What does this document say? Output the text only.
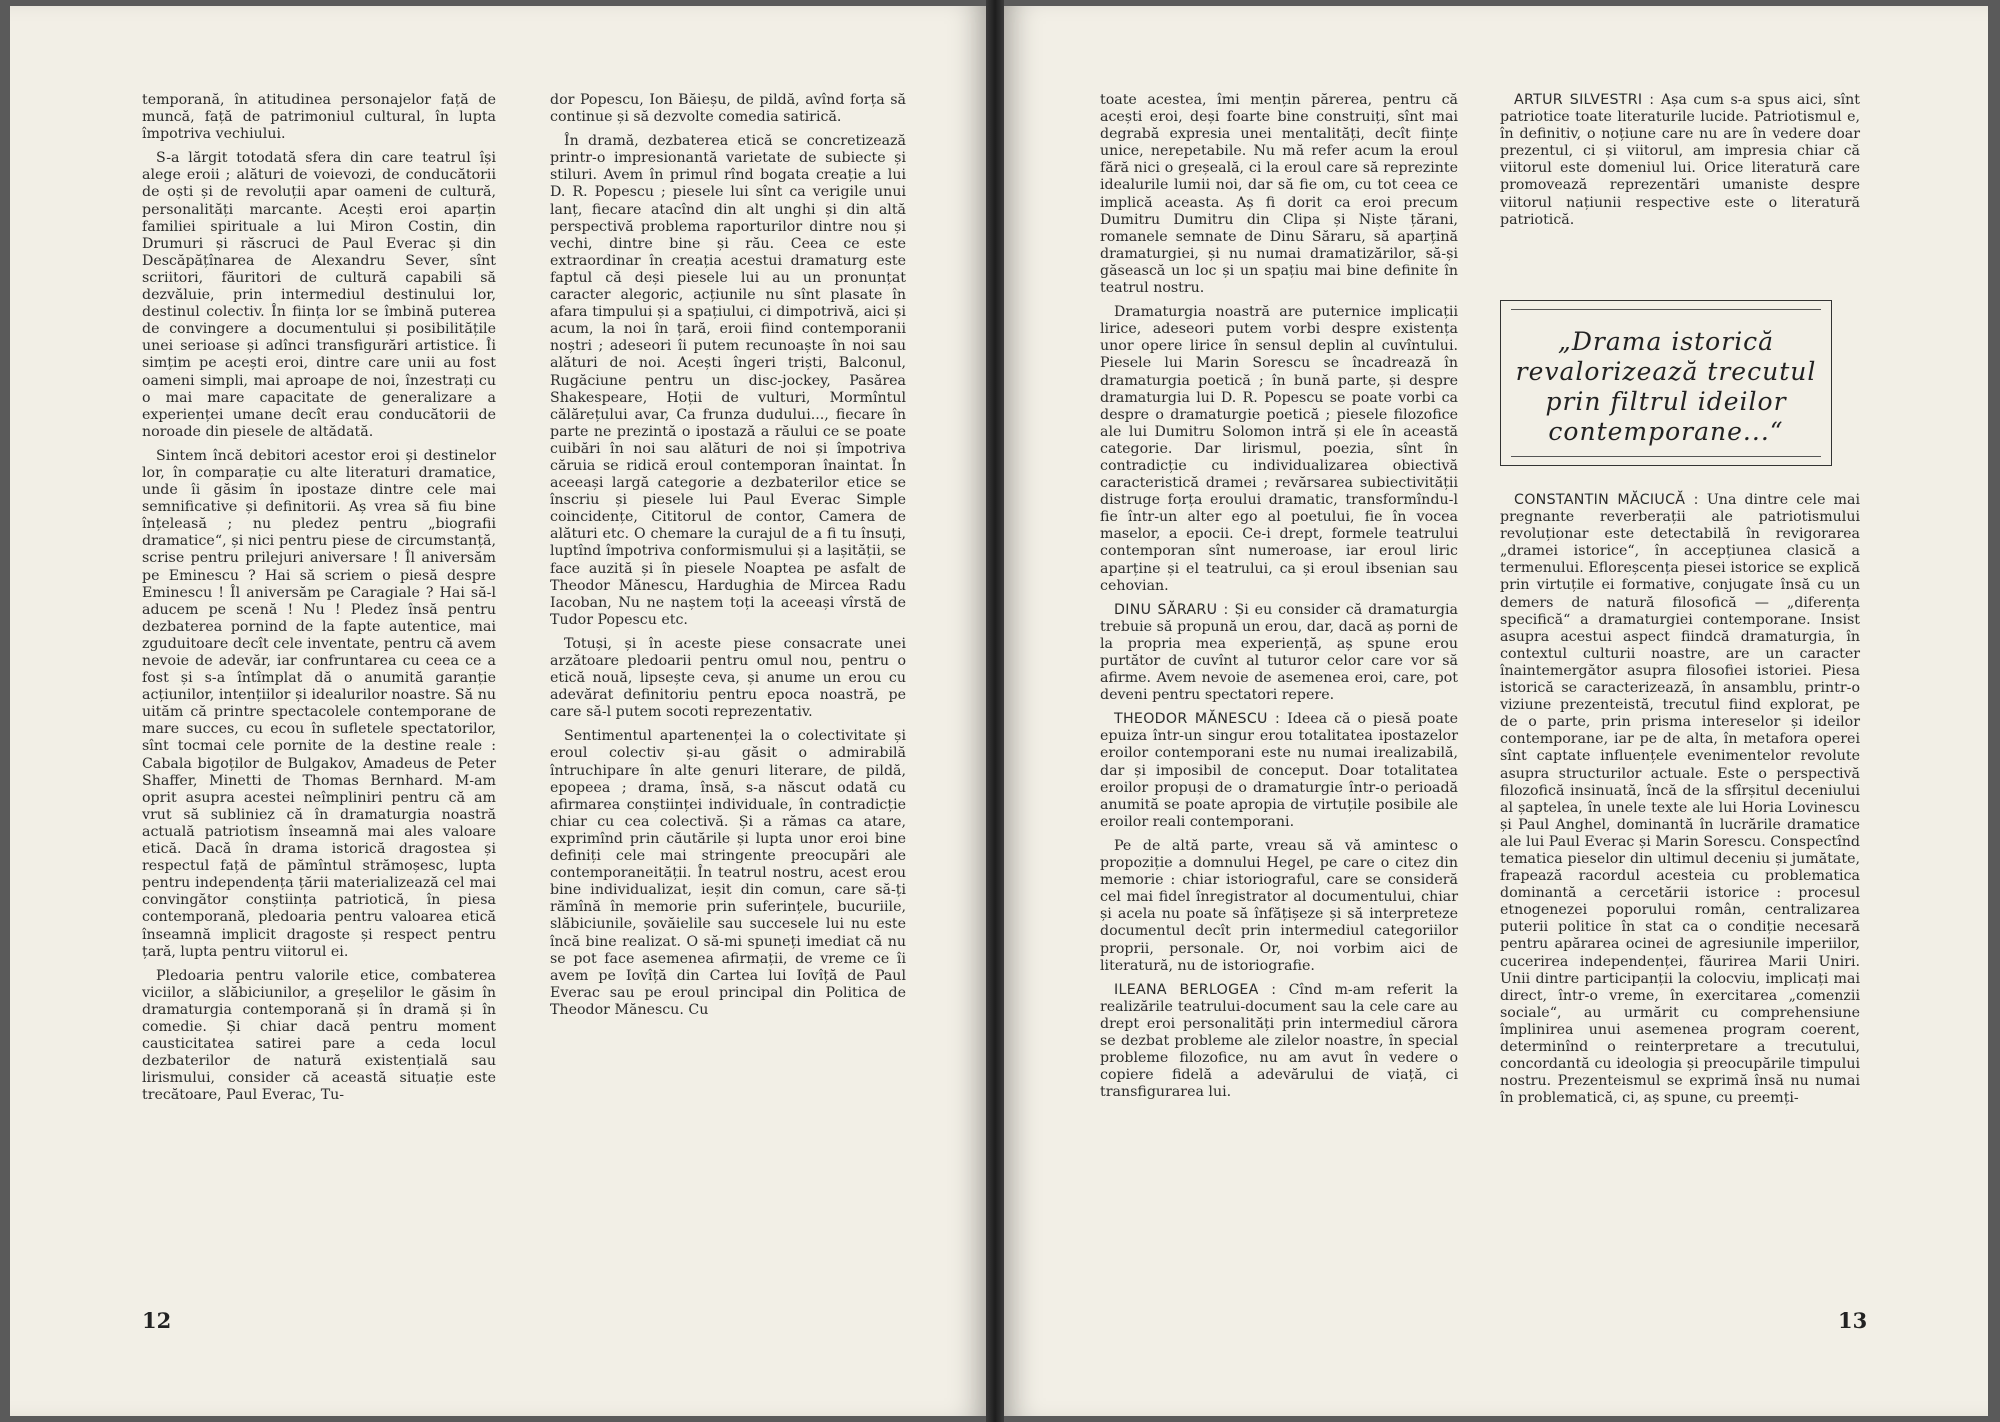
temporană, în atitudinea personajelor față de muncă, față de patrimoniul cultural, în lupta împotriva vechiului.

S-a lărgit totodată sfera din care teatrul își alege eroii ; alături de voievozi, de conducătorii de oști și de revoluții apar oameni de cultură, personalități marcante. Acești eroi aparțin familiei spirituale a lui Miron Costin, din Drumuri și răscruci de Paul Everac și din Descăpățînarea de Alexandru Sever, sînt scriitori, făuritori de cultură capabili să dezvăluie, prin intermediul destinului lor, destinul colectiv. În ființa lor se îmbină puterea de convingere a documentului și posibilitățile unei serioase și adînci transfigurări artistice. Îi simțim pe acești eroi, dintre care unii au fost oameni simpli, mai aproape de noi, înzestrați cu o mai mare capacitate de generalizare a experienței umane decît erau conducătorii de noroade din piesele de altădată.

Sintem încă debitori acestor eroi și destinelor lor, în comparație cu alte literaturi dramatice, unde îi găsim în ipostaze dintre cele mai semnificative și definitorii. Aș vrea să fiu bine înțeleasă ; nu pledez pentru „biografii dramatice“, și nici pentru piese de circumstanță, scrise pentru prilejuri aniversare ! Îl aniversăm pe Eminescu ? Hai să scriem o piesă despre Eminescu ! Îl aniversăm pe Caragiale ? Hai să-l aducem pe scenă ! Nu ! Pledez însă pentru dezbaterea pornind de la fapte autentice, mai zguduitoare decît cele inventate, pentru că avem nevoie de adevăr, iar confruntarea cu ceea ce a fost și s-a întîmplat dă o anumită garanție acțiunilor, intențiilor și idealurilor noastre. Să nu uităm că printre spectacolele contemporane de mare succes, cu ecou în sufletele spectatorilor, sînt tocmai cele pornite de la destine reale : Cabala bigoților de Bulgakov, Amadeus de Peter Shaffer, Minetti de Thomas Bernhard. M-am oprit asupra acestei neîmpliniri pentru că am vrut să subliniez că în dramaturgia noastră actuală patriotism înseamnă mai ales valoare etică. Dacă în drama istorică dragostea și respectul față de pămîntul strămoșesc, lupta pentru independența țării materializează cel mai convingător conștiința patriotică, în piesa contemporană, pledoaria pentru valoarea etică înseamnă implicit dragoste și respect pentru țară, lupta pentru viitorul ei.

Pledoaria pentru valorile etice, combaterea viciilor, a slăbiciunilor, a greșelilor le găsim în dramaturgia contemporană și în dramă și în comedie. Și chiar dacă pentru moment causticitatea satirei pare a ceda locul dezbaterilor de natură existențială sau lirismului, consider că această situație este trecătoare, Paul Everac, Tu-

dor Popescu, Ion Băieșu, de pildă, avînd forța să continue și să dezvolte comedia satirică.

În dramă, dezbaterea etică se concretizează printr-o impresionantă varietate de subiecte și stiluri. Avem în primul rînd bogata creație a lui D. R. Popescu ; piesele lui sînt ca verigile unui lanț, fiecare atacînd din alt unghi și din altă perspectivă problema raporturilor dintre nou și vechi, dintre bine și rău. Ceea ce este extraordinar în creația acestui dramaturg este faptul că deși piesele lui au un pronunțat caracter alegoric, acțiunile nu sînt plasate în afara timpului și a spațiului, ci dimpotrivă, aici și acum, la noi în țară, eroii fiind contemporanii noștri ; adeseori îi putem recunoaște în noi sau alături de noi. Acești îngeri triști, Balconul, Rugăciune pentru un disc-jockey, Pasărea Shakespeare, Hoții de vulturi, Mormîntul călărețului avar, Ca frunza dudului..., fiecare în parte ne prezintă o ipostază a răului ce se poate cuibări în noi sau alături de noi și împotriva căruia se ridică eroul contemporan înaintat. În aceeași largă categorie a dezbaterilor etice se înscriu și piesele lui Paul Everac Simple coincidențe, Cititorul de contor, Camera de alături etc. O chemare la curajul de a fi tu însuți, luptînd împotriva conformismului și a lașității, se face auzită și în piesele Noaptea pe asfalt de Theodor Mănescu, Hardughia de Mircea Radu Iacoban, Nu ne naștem toți la aceeași vîrstă de Tudor Popescu etc.

Totuși, și în aceste piese consacrate unei arzătoare pledoarii pentru omul nou, pentru o etică nouă, lipsește ceva, și anume un erou cu adevărat definitoriu pentru epoca noastră, pe care să-l putem socoti reprezentativ.

Sentimentul apartenenței la o colectivitate și eroul colectiv și-au găsit o admirabilă întruchipare în alte genuri literare, de pildă, epopeea ; drama, însă, s-a născut odată cu afirmarea conștiinței individuale, în contradicție chiar cu cea colectivă. Și a rămas ca atare, exprimînd prin căutările și lupta unor eroi bine definiți cele mai stringente preocupări ale contemporaneității. În teatrul nostru, acest erou bine individualizat, ieșit din comun, care să-ți rămînă în memorie prin suferințele, bucuriile, slăbiciunile, șovăielile sau succesele lui nu este încă bine realizat. O să-mi spuneți imediat că nu se pot face asemenea afirmații, de vreme ce îi avem pe Iovîță din Cartea lui Iovîță de Paul Everac sau pe eroul principal din Politica de Theodor Mănescu. Cu

12

toate acestea, îmi mențin părerea, pentru că acești eroi, deși foarte bine construiți, sînt mai degrabă expresia unei mentalități, decît ființe unice, nerepetabile. Nu mă refer acum la eroul fără nici o greșeală, ci la eroul care să reprezinte idealurile lumii noi, dar să fie om, cu tot ceea ce implică aceasta. Aș fi dorit ca eroi precum Dumitru Dumitru din Clipa și Niște țărani, romanele semnate de Dinu Săraru, să aparțină dramaturgiei, și nu numai dramatizărilor, să-și găsească un loc și un spațiu mai bine definite în teatrul nostru.

Dramaturgia noastră are puternice implicații lirice, adeseori putem vorbi despre existența unor opere lirice în sensul deplin al cuvîntului. Piesele lui Marin Sorescu se încadrează în dramaturgia poetică ; în bună parte, și despre dramaturgia lui D. R. Popescu se poate vorbi ca despre o dramaturgie poetică ; piesele filozofice ale lui Dumitru Solomon intră și ele în această categorie. Dar lirismul, poezia, sînt în contradicție cu individualizarea obiectivă caracteristică dramei ; revărsarea subiectivității distruge forța eroului dramatic, transformîndu-l fie într-un alter ego al poetului, fie în vocea maselor, a epocii. Ce-i drept, formele teatrului contemporan sînt numeroase, iar eroul liric aparține și el teatrului, ca și eroul ibsenian sau cehovian.

DINU SĂRARU : Și eu consider că dramaturgia trebuie să propună un erou, dar, dacă aș porni de la propria mea experiență, aș spune erou purtător de cuvînt al tuturor celor care vor să afirme. Avem nevoie de asemenea eroi, care, pot deveni pentru spectatori repere.

THEODOR MĂNESCU : Ideea că o piesă poate epuiza într-un singur erou totalitatea ipostazelor eroilor contemporani este nu numai irealizabilă, dar și imposibil de conceput. Doar totalitatea eroilor propuși de o dramaturgie într-o perioadă anumită se poate apropia de virtuțile posibile ale eroilor reali contemporani.

Pe de altă parte, vreau să vă amintesc o propoziție a domnului Hegel, pe care o citez din memorie : chiar istoriograful, care se consideră cel mai fidel înregistrator al documentului, chiar și acela nu poate să înfățișeze și să interpreteze documentul decît prin intermediul categoriilor proprii, personale. Or, noi vorbim aici de literatură, nu de istoriografie.

ILEANA BERLOGEA : Cînd m-am referit la realizările teatrului-document sau la cele care au drept eroi personalități prin intermediul cărora se dezbat probleme ale zilelor noastre, în special probleme filozofice, nu am avut în vedere o copiere fidelă a adevărului de viață, ci transfigurarea lui.

ARTUR SILVESTRI : Așa cum s-a spus aici, sînt patriotice toate literaturile lucide. Patriotismul e, în definitiv, o noțiune care nu are în vedere doar prezentul, ci și viitorul, am impresia chiar că viitorul este domeniul lui. Orice literatură care promovează reprezentări umaniste despre viitorul națiunii respective este o literatură patriotică.

„Drama istorică revalorizează trecutul prin filtrul ideilor contemporane...“

CONSTANTIN MĂCIUCĂ : Una dintre cele mai pregnante reverberații ale patriotismului revoluționar este detectabilă în revigorarea „dramei istorice“, în accepțiunea clasică a termenului. Efloreșcența piesei istorice se explică prin virtuțile ei formative, conjugate însă cu un demers de natură filosofică — „diferența specifică“ a dramaturgiei contemporane. Insist asupra acestui aspect fiindcă dramaturgia, în contextul culturii noastre, are un caracter înaintemergător asupra filosofiei istoriei. Piesa istorică se caracterizează, în ansamblu, printr-o viziune prezenteistă, trecutul fiind explorat, pe de o parte, prin prisma intereselor și ideilor contemporane, iar pe de alta, în metafora operei sînt captate influențele evenimentelor revolute asupra structurilor actuale. Este o perspectivă filozofică insinuată, încă de la sfîrșitul deceniului al șaptelea, în unele texte ale lui Horia Lovinescu și Paul Anghel, dominantă în lucrările dramatice ale lui Paul Everac și Marin Sorescu. Conspectînd tematica pieselor din ultimul deceniu și jumătate, frapează racordul acesteia cu problematica dominantă a cercetării istorice : procesul etnogenezei poporului român, centralizarea puterii politice în stat ca o condiție necesară pentru apărarea ocinei de agresiunile imperiilor, cucerirea independenței, făurirea Marii Uniri. Unii dintre participanții la colocviu, implicați mai direct, într-o vreme, în exercitarea „comenzii sociale“, au urmărit cu comprehensiune împlinirea unui asemenea program coerent, determinînd o reinterpretare a trecutului, concordantă cu ideologia și preocupările timpului nostru. Prezenteismul se exprimă însă nu numai în problematică, ci, aș spune, cu preemți-

13
